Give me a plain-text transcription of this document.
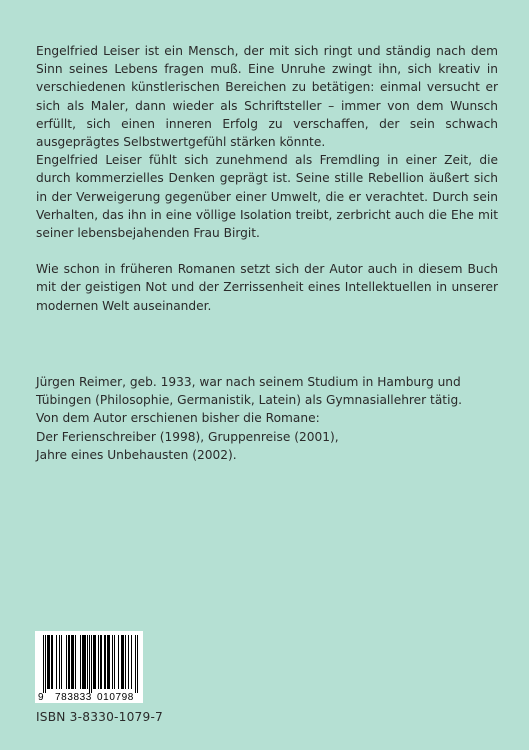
Engelfried Leiser ist ein Mensch, der mit sich ringt und ständig nach dem Sinn seines Lebens fragen muß. Eine Unruhe zwingt ihn, sich kreativ in verschiedenen künstlerischen Bereichen zu betätigen: einmal versucht er sich als Maler, dann wieder als Schriftsteller – immer von dem Wunsch erfüllt, sich einen inneren Erfolg zu verschaffen, der sein schwach ausgeprägtes Selbstwertgefühl stärken könnte.

Engelfried Leiser fühlt sich zunehmend als Fremdling in einer Zeit, die durch kommerzielles Denken geprägt ist. Seine stille Rebellion äußert sich in der Verweigerung gegenüber einer Umwelt, die er verachtet. Durch sein Verhalten, das ihn in eine völlige Isolation treibt, zerbricht auch die Ehe mit seiner lebensbejahenden Frau Birgit.

Wie schon in früheren Romanen setzt sich der Autor auch in diesem Buch mit der geistigen Not und der Zerrissenheit eines Intellektuellen in unserer modernen Welt auseinander.

Jürgen Reimer, geb. 1933, war nach seinem Studium in Hamburg und

Tübingen (Philosophie, Germanistik, Latein) als Gymnasiallehrer tätig.

Von dem Autor erschienen bisher die Romane:

Der Ferienschreiber (1998), Gruppenreise (2001),

Jahre eines Unbehausten (2002).

9 783833 010798
ISBN 3-8330-1079-7
